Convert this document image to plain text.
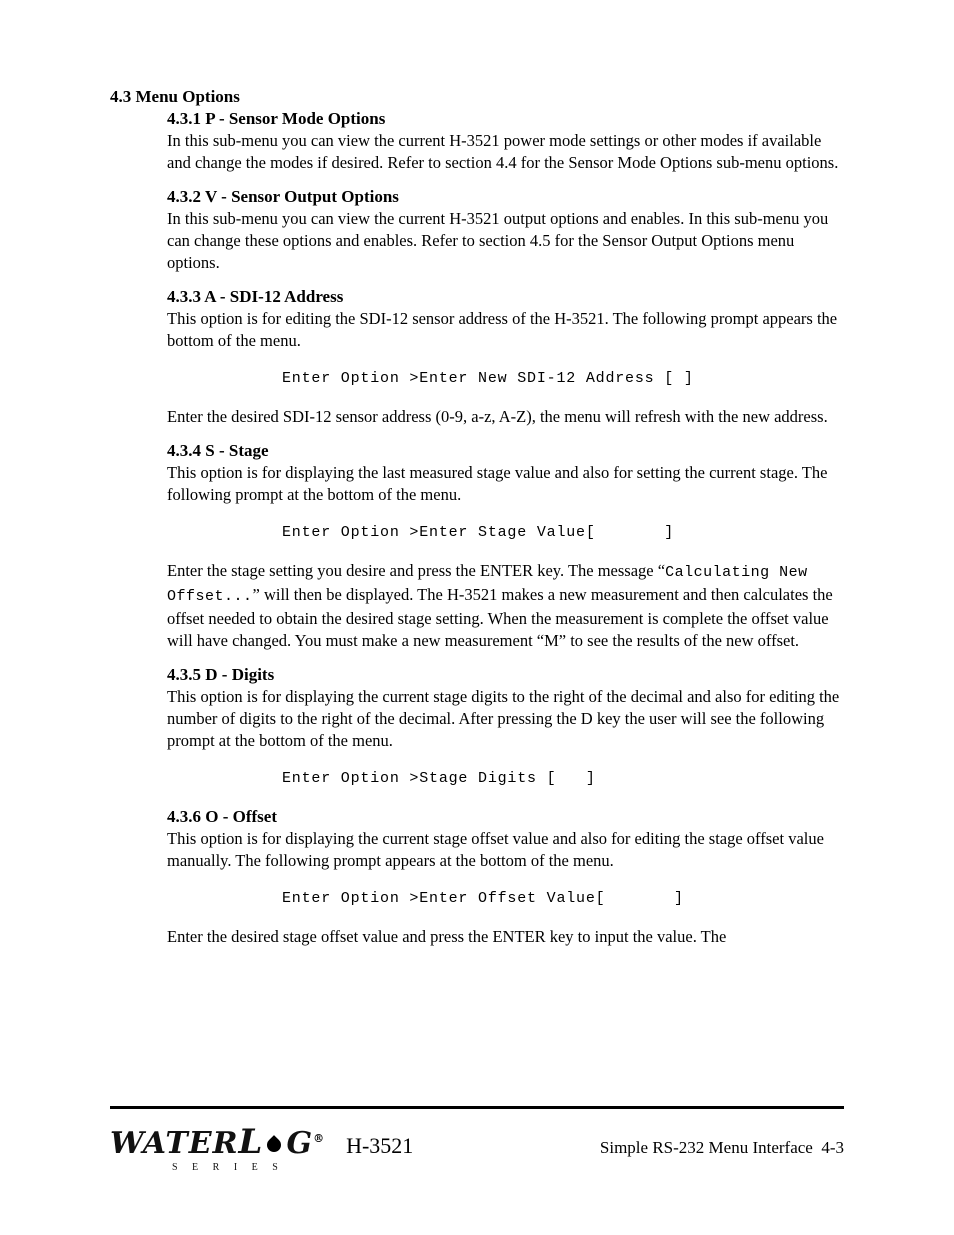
4.3 Menu Options
4.3.1 P - Sensor Mode Options

In this sub-menu you can view the current H-3521 power mode settings or other modes if available and change the modes if desired. Refer to section 4.4 for the Sensor Mode Options sub-menu options.

4.3.2 V - Sensor Output Options

In this sub-menu you can view the current H-3521 output options and enables. In this sub-menu you can change these options and enables. Refer to section 4.5 for the Sensor Output Options menu options.

4.3.3 A - SDI-12 Address

This option is for editing the SDI-12 sensor address of the H-3521. The following prompt appears the bottom of the menu.

Enter Option >Enter New SDI-12 Address [ ]

Enter the desired SDI-12 sensor address (0-9, a-z, A-Z), the menu will refresh with the new address.

4.3.4 S - Stage

This option is for displaying the last measured stage value and also for setting the current stage. The following prompt at the bottom of the menu.

Enter Option >Enter Stage Value[       ]

Enter the stage setting you desire and press the ENTER key. The message “Calculating New Offset...” will then be displayed. The H-3521 makes a new measurement and then calculates the offset needed to obtain the desired stage setting. When the measurement is complete the offset value will have changed. You must make a new measurement “M” to see the results of the new offset.

4.3.5 D - Digits

This option is for displaying the current stage digits to the right of the decimal and also for editing the number of digits to the right of the decimal. After pressing the D key the user will see the following prompt at the bottom of the menu.

Enter Option >Stage Digits [   ]
4.3.6 O - Offset

This option is for displaying the current stage offset value and also for editing the stage offset value manually. The following prompt appears at the bottom of the menu.

Enter Option >Enter Offset Value[       ]

Enter the desired stage offset value and press the ENTER key to input the value. The

WATERL G®
S E R I E S
H-3521	Simple RS-232 Menu Interface  4-3
